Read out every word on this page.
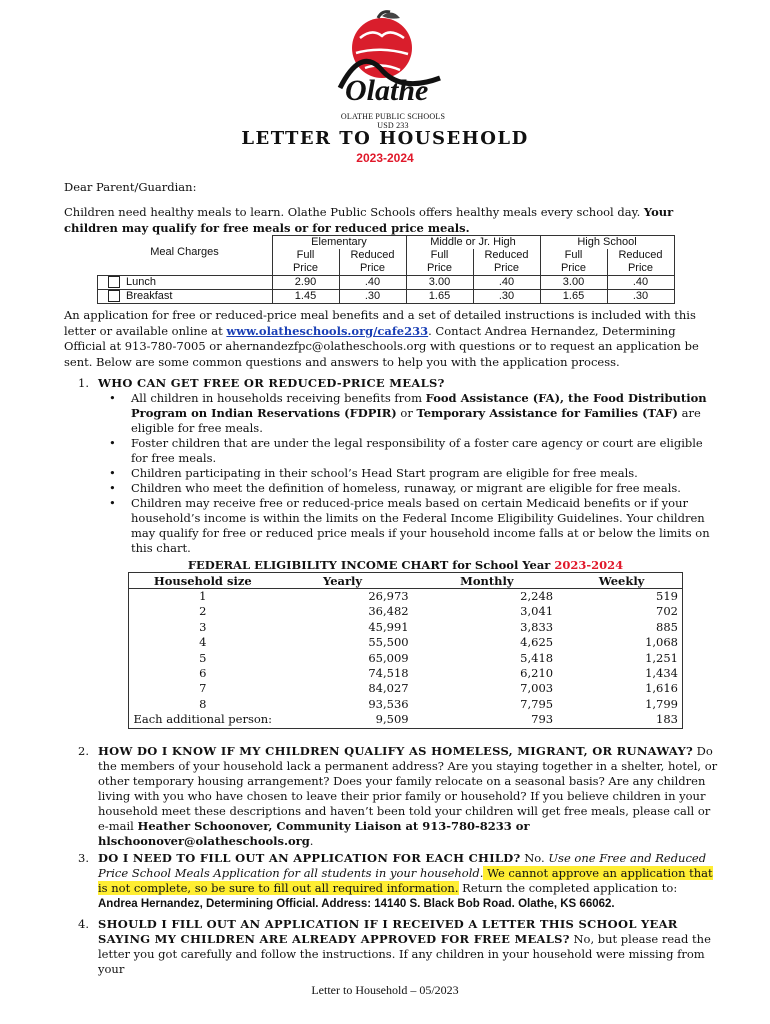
Olathe
OLATHE PUBLIC SCHOOLS USD 233
LETTER TO HOUSEHOLD
2023-2024
Dear Parent/Guardian:
Children need healthy meals to learn. Olathe Public Schools offers healthy meals every school day. Your children may qualify for free meals or for reduced price meals.
Meal Charges	Elementary		Middle or Jr. High		High School	
	Full	Reduced	Full	Reduced	Full	Reduced
	Price	Price	Price	Price	Price	Price
Lunch	2.90	.40	3.00	.40	3.00	.40
Breakfast	1.45	.30	1.65	.30	1.65	.30
An application for free or reduced-price meal benefits and a set of detailed instructions is included with this letter or available online at www.olatheschools.org/cafe233. Contact Andrea Hernandez, Determining Official at 913-780-7005 or ahernandezfpc@olatheschools.org with questions or to request an application be sent. Below are some common questions and answers to help you with the application process.
1. WHO CAN GET FREE OR REDUCED-PRICE MEALS?
• All children in households receiving benefits from Food Assistance (FA), the Food Distribution Program on Indian Reservations (FDPIR) or Temporary Assistance for Families (TAF) are eligible for free meals.
• Foster children that are under the legal responsibility of a foster care agency or court are eligible for free meals.
• Children participating in their school’s Head Start program are eligible for free meals.
• Children who meet the definition of homeless, runaway, or migrant are eligible for free meals.
• Children may receive free or reduced-price meals based on certain Medicaid benefits or if your household’s income is within the limits on the Federal Income Eligibility Guidelines. Your children may qualify for free or reduced price meals if your household income falls at or below the limits on this chart.
FEDERAL ELIGIBILITY INCOME CHART for School Year 2023-2024
Household size	Yearly	Monthly	Weekly
1	26,973	2,248	519
2	36,482	3,041	702
3	45,991	3,833	885
4	55,500	4,625	1,068
5	65,009	5,418	1,251
6	74,518	6,210	1,434
7	84,027	7,003	1,616
8	93,536	7,795	1,799
Each additional person:	9,509	793	183
2. HOW DO I KNOW IF MY CHILDREN QUALIFY AS HOMELESS, MIGRANT, OR RUNAWAY? Do the members of your household lack a permanent address? Are you staying together in a shelter, hotel, or other temporary housing arrangement? Does your family relocate on a seasonal basis? Are any children living with you who have chosen to leave their prior family or household? If you believe children in your household meet these descriptions and haven’t been told your children will get free meals, please call or e-mail Heather Schoonover, Community Liaison at 913-780-8233 or hlschoonover@olatheschools.org.
3. DO I NEED TO FILL OUT AN APPLICATION FOR EACH CHILD? No. Use one Free and Reduced Price School Meals Application for all students in your household. We cannot approve an application that is not complete, so be sure to fill out all required information. Return the completed application to: Andrea Hernandez, Determining Official. Address: 14140 S. Black Bob Road. Olathe, KS 66062.
4. SHOULD I FILL OUT AN APPLICATION IF I RECEIVED A LETTER THIS SCHOOL YEAR SAYING MY CHILDREN ARE ALREADY APPROVED FOR FREE MEALS? No, but please read the letter you got carefully and follow the instructions. If any children in your household were missing from your
Letter to Household – 05/2023
